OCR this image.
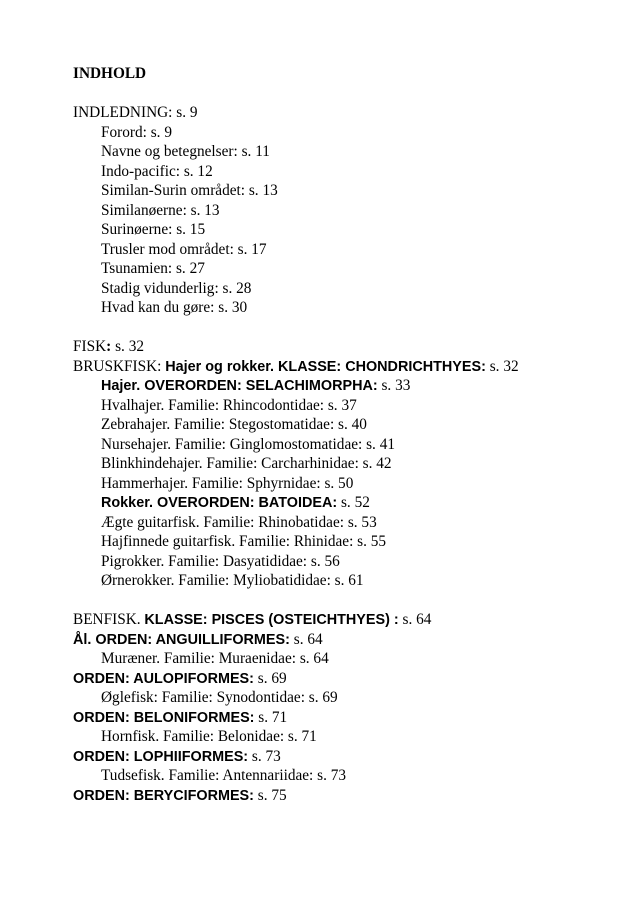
INDHOLD
INDLEDNING: s. 9
Forord: s. 9
Navne og betegnelser: s. 11
Indo-pacific: s. 12
Similan-Surin området: s. 13
Similanøerne: s. 13
Surinøerne: s. 15
Trusler mod området: s. 17
Tsunamien: s. 27
Stadig vidunderlig: s. 28
Hvad kan du gøre: s. 30
FISK: s. 32
BRUSKFISK: Hajer og rokker. KLASSE: CHONDRICHTHYES: s. 32
Hajer. OVERORDEN: SELACHIMORPHA: s. 33
Hvalhajer. Familie: Rhincodontidae: s. 37
Zebrahajer. Familie: Stegostomatidae: s. 40
Nursehajer. Familie: Ginglomostomatidae: s. 41
Blinkhindehajer. Familie: Carcharhinidae: s. 42
Hammerhajer. Familie: Sphyrnidae: s. 50
Rokker. OVERORDEN: BATOIDEA: s. 52
Ægte guitarfisk. Familie: Rhinobatidae: s. 53
Hajfinnede guitarfisk. Familie: Rhinidae: s. 55
Pigrokker. Familie: Dasyatididae: s. 56
Ørnerokker. Familie: Myliobatididae: s. 61
BENFISK. KLASSE: PISCES (OSTEICHTHYES) : s. 64
Ål. ORDEN: ANGUILLIFORMES: s. 64
Muræner. Familie: Muraenidae: s. 64
ORDEN: AULOPIFORMES: s. 69
Øglefisk: Familie: Synodontidae: s. 69
ORDEN: BELONIFORMES: s. 71
Hornfisk. Familie: Belonidae: s. 71
ORDEN: LOPHIIFORMES: s. 73
Tudsefisk. Familie: Antennariidae: s. 73
ORDEN: BERYCIFORMES: s. 75
